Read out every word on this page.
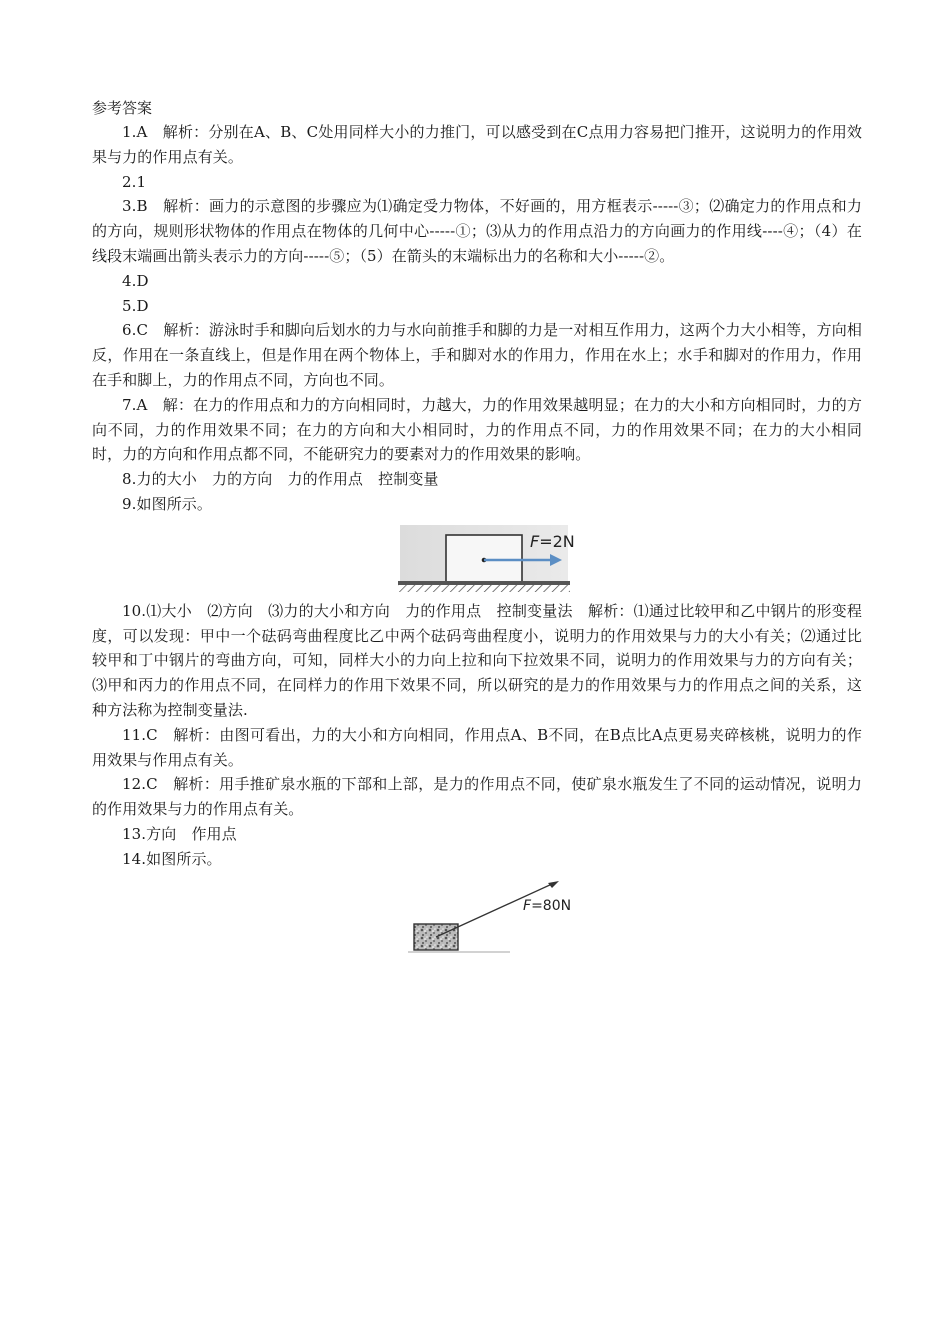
参考答案

1.A　解析：分别在A、B、C处用同样大小的力推门，可以感受到在C点用力容易把门推开，这说明力的作用效果与力的作用点有关。

2.1

3.B　解析：画力的示意图的步骤应为⑴确定受力物体，不好画的，用方框表示-----③；⑵确定力的作用点和力的方向，规则形状物体的作用点在物体的几何中心-----①；⑶从力的作用点沿力的方向画力的作用线----④；（4）在线段末端画出箭头表示力的方向-----⑤；（5）在箭头的末端标出力的名称和大小-----②。

4.D

5.D

6.C　解析：游泳时手和脚向后划水的力与水向前推手和脚的力是一对相互作用力，这两个力大小相等，方向相反，作用在一条直线上，但是作用在两个物体上，手和脚对水的作用力，作用在水上；水手和脚对的作用力，作用在手和脚上，力的作用点不同，方向也不同。

7.A　解：在力的作用点和力的方向相同时，力越大，力的作用效果越明显；在力的大小和方向相同时，力的方向不同，力的作用效果不同；在力的方向和大小相同时，力的作用点不同，力的作用效果不同；在力的大小相同时，力的方向和作用点都不同，不能研究力的要素对力的作用效果的影响。

8.力的大小　力的方向　力的作用点　控制变量

9.如图所示。

F=2N

10.⑴大小　⑵方向　⑶力的大小和方向　力的作用点　控制变量法　解析：⑴通过比较甲和乙中钢片的形变程度，可以发现：甲中一个砝码弯曲程度比乙中两个砝码弯曲程度小，说明力的作用效果与力的大小有关；⑵通过比较甲和丁中钢片的弯曲方向，可知，同样大小的力向上拉和向下拉效果不同，说明力的作用效果与力的方向有关；⑶甲和丙力的作用点不同，在同样力的作用下效果不同，所以研究的是力的作用效果与力的作用点之间的关系，这种方法称为控制变量法.

11.C　解析：由图可看出，力的大小和方向相同，作用点A、B不同，在B点比A点更易夹碎核桃，说明力的作用效果与作用点有关。

12.C　解析：用手推矿泉水瓶的下部和上部，是力的作用点不同，使矿泉水瓶发生了不同的运动情况，说明力的作用效果与力的作用点有关。

13.方向　作用点

14.如图所示。

F=80N
